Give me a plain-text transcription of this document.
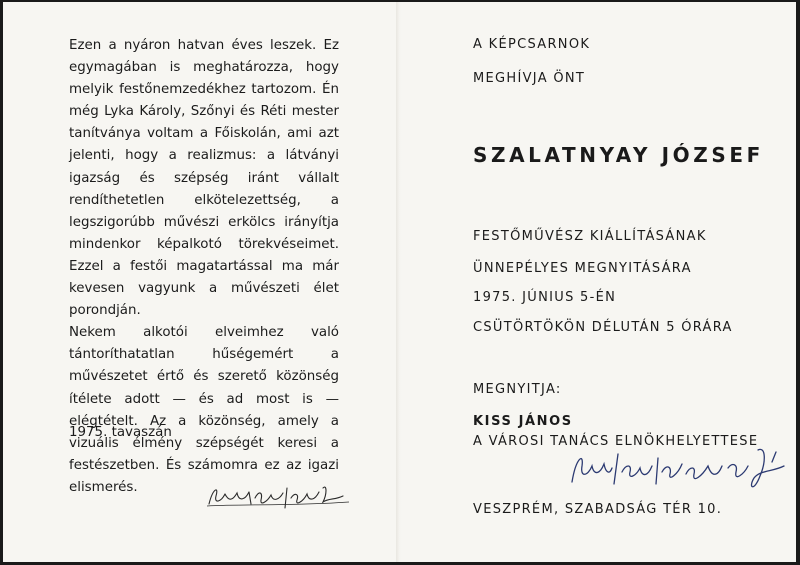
Ezen a nyáron hatvan éves leszek. Ez egymagában is meghatározza, hogy melyik festőnemzedékhez tartozom. Én még Lyka Károly, Szőnyi és Réti mester tanítványa voltam a Főiskolán, ami azt jelenti, hogy a realizmus: a látványi igazság és szépség iránt vállalt rendíthetetlen elkötelezettség, a legszigorúbb művészi erkölcs irányítja mindenkor képalkotó törekvéseimet. Ezzel a festői magatartással ma már kevesen vagyunk a művészeti élet porondján.

Nekem alkotói elveimhez való tántoríthatatlan hűségemért a művészetet értő és szerető közönség ítélete adott — és ad most is — elégtételt. Az a közönség, amely a vizuális élmény szépségét keresi a festészetben. És számomra ez az igazi elismerés.

1975. tavaszán
A KÉPCSARNOK
MEGHÍVJA ÖNT
SZALATNYAY JÓZSEF
FESTŐMŰVÉSZ KIÁLLÍTÁSÁNAK
ÜNNEPÉLYES MEGNYITÁSÁRA
1975. JÚNIUS 5-ÉN
CSÜTÖRTÖKÖN DÉLUTÁN 5 ÓRÁRA
MEGNYITJA:
KISS JÁNOS
A VÁROSI TANÁCS ELNÖKHELYETTESE
VESZPRÉM, SZABADSÁG TÉR 10.
